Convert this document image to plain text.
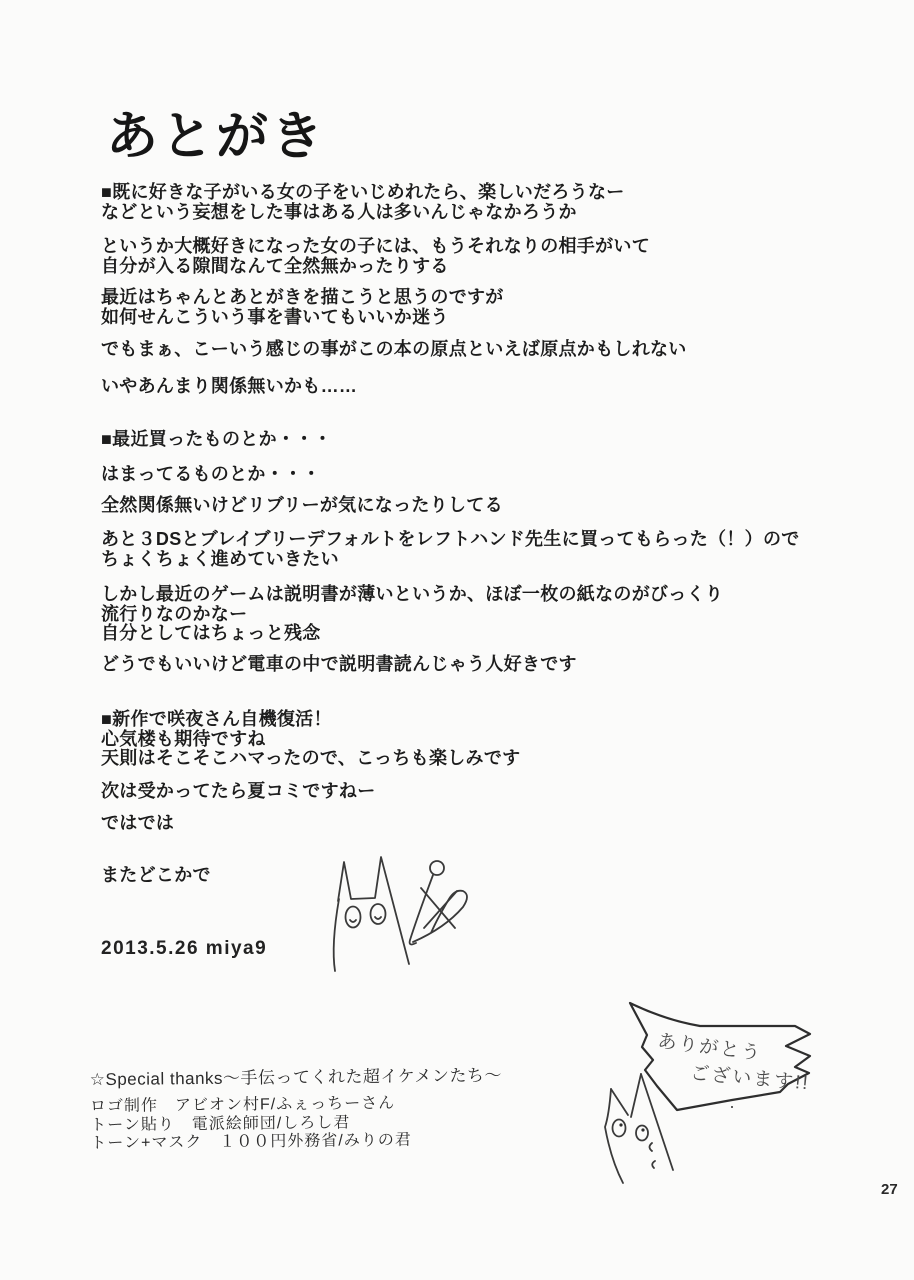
あとがき
■既に好きな子がいる女の子をいじめれたら、楽しいだろうなー
などという妄想をした事はある人は多いんじゃなかろうか
というか大概好きになった女の子には、もうそれなりの相手がいて
自分が入る隙間なんて全然無かったりする
最近はちゃんとあとがきを描こうと思うのですが
如何せんこういう事を書いてもいいか迷う
でもまぁ、こーいう感じの事がこの本の原点といえば原点かもしれない
いやあんまり関係無いかも……
■最近買ったものとか・・・
はまってるものとか・・・
全然関係無いけどリブリーが気になったりしてる
あと３DSとブレイブリーデフォルトをレフトハンド先生に買ってもらった（！）ので
ちょくちょく進めていきたい
しかし最近のゲームは説明書が薄いというか、ほぼ一枚の紙なのがびっくり
流行りなのかなー
自分としてはちょっと残念
どうでもいいけど電車の中で説明書読んじゃう人好きです
■新作で咲夜さん自機復活！
心気楼も期待ですね
天則はそこそこハマったので、こっちも楽しみです
次は受かってたら夏コミですねー
ではでは
またどこかで
2013.5.26 miya9
ありがとう
ございます!!
☆Special thanks～手伝ってくれた超イケメンたち～
ロゴ制作　アビオン村F/ふぇっちーさん
トーン貼り　電派絵師団/しろし君
トーン+マスク　１００円外務省/みりの君
27
